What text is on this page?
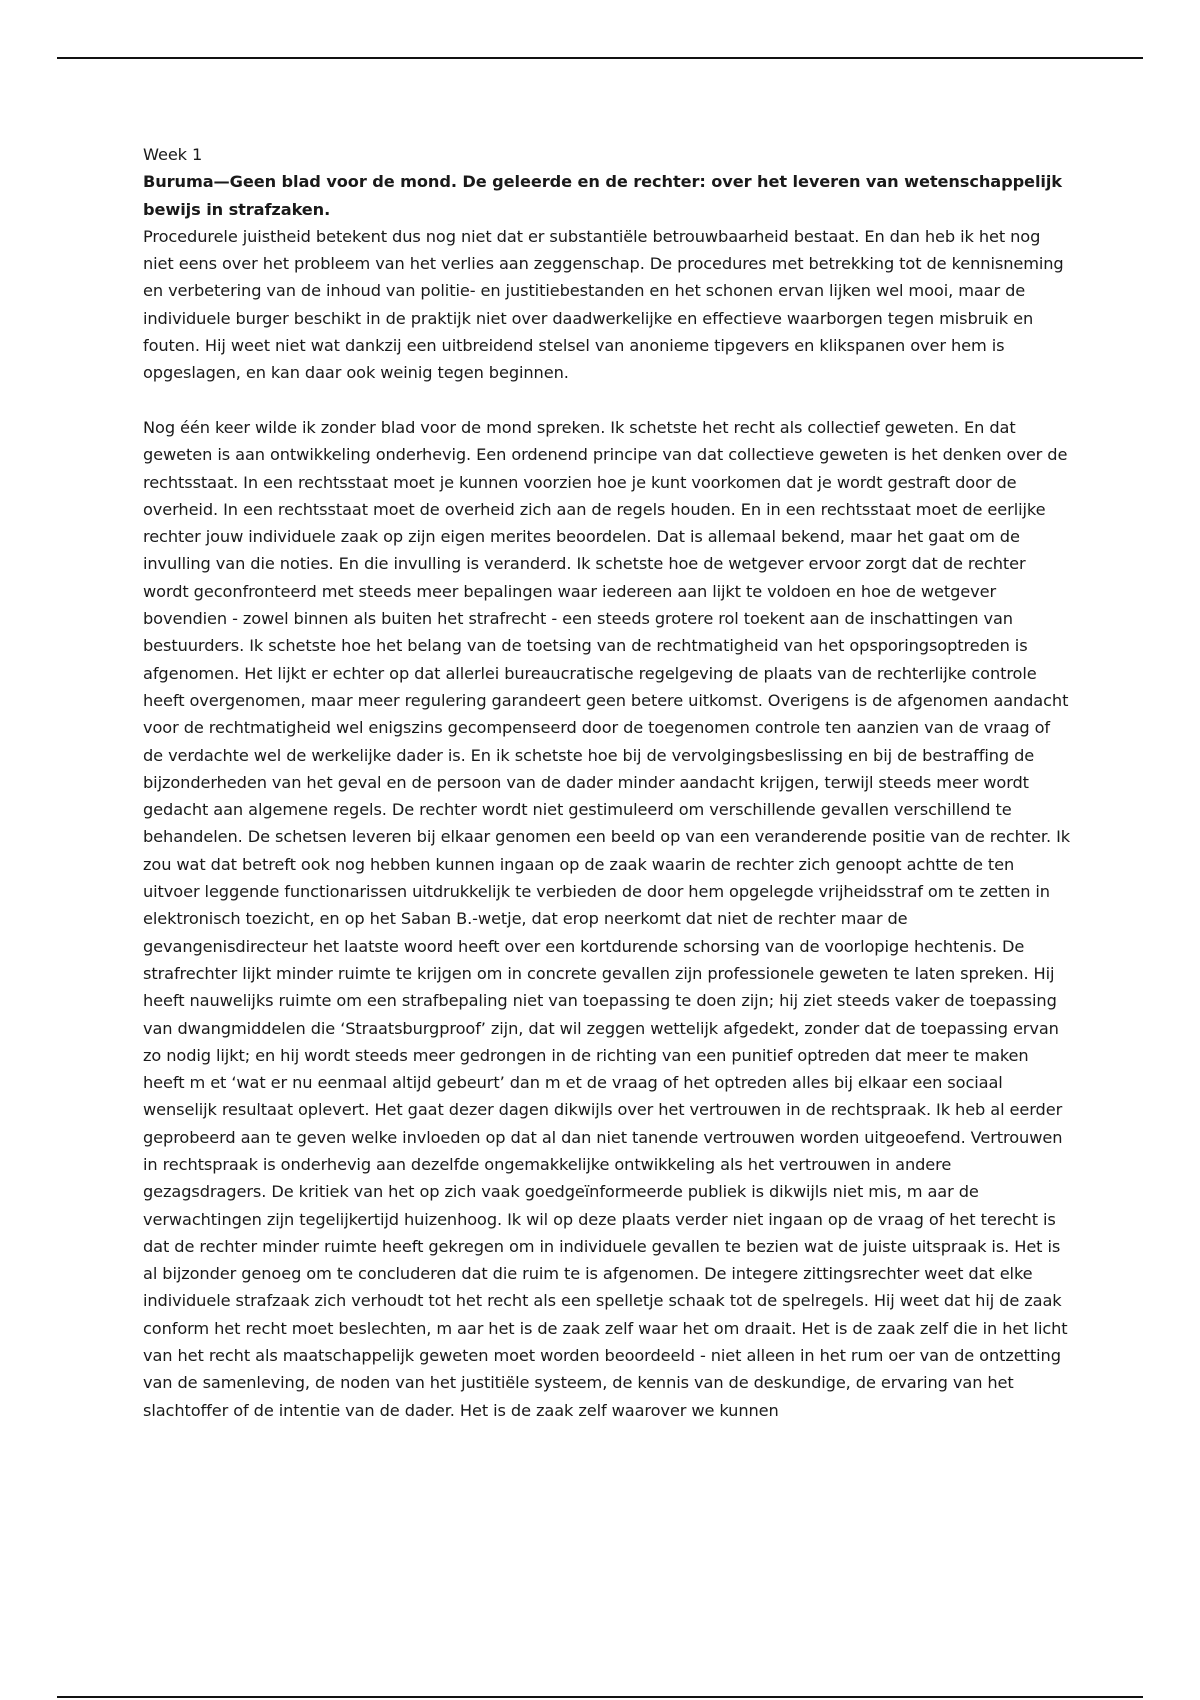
Week 1

Buruma—Geen blad voor de mond. De geleerde en de rechter: over het leveren van wetenschappelijk bewijs in strafzaken.

Procedurele juistheid betekent dus nog niet dat er substantiële betrouwbaarheid bestaat. En dan heb ik het nog niet eens over het probleem van het verlies aan zeggenschap. De procedures met betrekking tot de kennisneming en verbetering van de inhoud van politie- en justitiebestanden en het schonen ervan lijken wel mooi, maar de individuele burger beschikt in de praktijk niet over daadwerkelijke en effectieve waarborgen tegen misbruik en fouten. Hij weet niet wat dankzij een uitbreidend stelsel van anonieme tipgevers en klikspanen over hem is opgeslagen, en kan daar ook weinig tegen beginnen.

Nog één keer wilde ik zonder blad voor de mond spreken. Ik schetste het recht als collectief geweten. En dat geweten is aan ontwikkeling onderhevig. Een ordenend principe van dat collectieve geweten is het denken over de rechtsstaat. In een rechtsstaat moet je kunnen voorzien hoe je kunt voorkomen dat je wordt gestraft door de overheid. In een rechtsstaat moet de overheid zich aan de regels houden. En in een rechtsstaat moet de eerlijke rechter jouw individuele zaak op zijn eigen merites beoordelen. Dat is allemaal bekend, maar het gaat om de invulling van die noties. En die invulling is veranderd. Ik schetste hoe de wetgever ervoor zorgt dat de rechter wordt geconfronteerd met steeds meer bepalingen waar iedereen aan lijkt te voldoen en hoe de wetgever bovendien - zowel binnen als buiten het strafrecht - een steeds grotere rol toekent aan de inschattingen van bestuurders. Ik schetste hoe het belang van de toetsing van de rechtmatigheid van het opsporingsoptreden is afgenomen. Het lijkt er echter op dat allerlei bureaucratische regelgeving de plaats van de rechterlijke controle heeft overgenomen, maar meer regulering garandeert geen betere uitkomst. Overigens is de afgenomen aandacht voor de rechtmatigheid wel enigszins gecompenseerd door de toegenomen controle ten aanzien van de vraag of de verdachte wel de werkelijke dader is. En ik schetste hoe bij de vervolgingsbeslissing en bij de bestraffing de bijzonderheden van het geval en de persoon van de dader minder aandacht krijgen, terwijl steeds meer wordt gedacht aan algemene regels. De rechter wordt niet gestimuleerd om verschillende gevallen verschillend te behandelen. De schetsen leveren bij elkaar genomen een beeld op van een veranderende positie van de rechter. Ik zou wat dat betreft ook nog hebben kunnen ingaan op de zaak waarin de rechter zich genoopt achtte de ten uitvoer leggende functionarissen uitdrukkelijk te verbieden de door hem opgelegde vrijheidsstraf om te zetten in elektronisch toezicht, en op het Saban B.-wetje, dat erop neerkomt dat niet de rechter maar de gevangenisdirecteur het laatste woord heeft over een kortdurende schorsing van de voorlopige hechtenis. De strafrechter lijkt minder ruimte te krijgen om in concrete gevallen zijn professionele geweten te laten spreken. Hij heeft nauwelijks ruimte om een strafbepaling niet van toepassing te doen zijn; hij ziet steeds vaker de toepassing van dwangmiddelen die ‘Straatsburgproof’ zijn, dat wil zeggen wettelijk afgedekt, zonder dat de toepassing ervan zo nodig lijkt; en hij wordt steeds meer gedrongen in de richting van een punitief optreden dat meer te maken heeft m et ‘wat er nu eenmaal altijd gebeurt’ dan m et de vraag of het optreden alles bij elkaar een sociaal wenselijk resultaat oplevert. Het gaat dezer dagen dikwijls over het vertrouwen in de rechtspraak. Ik heb al eerder geprobeerd aan te geven welke invloeden op dat al dan niet tanende vertrouwen worden uitgeoefend. Vertrouwen in rechtspraak is onderhevig aan dezelfde ongemakkelijke ontwikkeling als het vertrouwen in andere gezagsdragers. De kritiek van het op zich vaak goedgeïnformeerde publiek is dikwijls niet mis, m aar de verwachtingen zijn tegelijkertijd huizenhoog. Ik wil op deze plaats verder niet ingaan op de vraag of het terecht is dat de rechter minder ruimte heeft gekregen om in individuele gevallen te bezien wat de juiste uitspraak is. Het is al bijzonder genoeg om te concluderen dat die ruim te is afgenomen. De integere zittingsrechter weet dat elke individuele strafzaak zich verhoudt tot het recht als een spelletje schaak tot de spelregels. Hij weet dat hij de zaak conform het recht moet beslechten, m aar het is de zaak zelf waar het om draait. Het is de zaak zelf die in het licht van het recht als maatschappelijk geweten moet worden beoordeeld - niet alleen in het rum oer van de ontzetting van de samenleving, de noden van het justitiële systeem, de kennis van de deskundige, de ervaring van het slachtoffer of de intentie van de dader. Het is de zaak zelf waarover we kunnen
